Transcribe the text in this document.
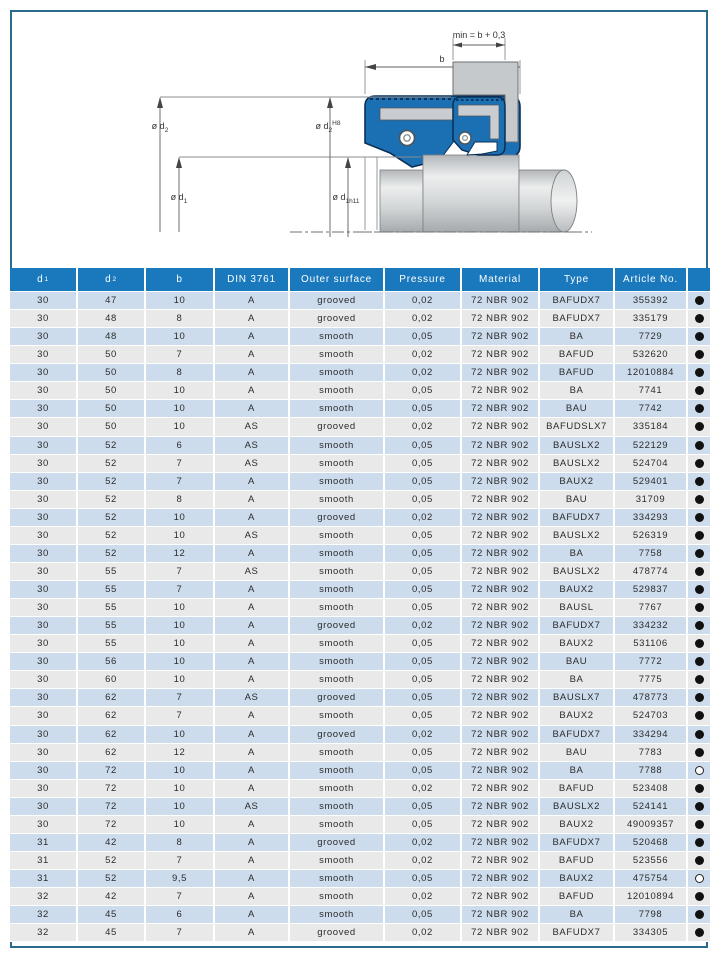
b
ø $d_2$
ø $d_1$
min = b + 0,3
ø $d_2^{H8}$
ø $d_1h11$
d 1	d 2	b	DIN 3761	Outer surface	Pressure	Material	Type	Article No.
30	47	10	A	grooved	0,02	72 NBR 902	BAFUDX7	355392
30	48	8	A	grooved	0,02	72 NBR 902	BAFUDX7	335179
30	48	10	A	smooth	0,05	72 NBR 902	BA	7729
30	50	7	A	smooth	0,02	72 NBR 902	BAFUD	532620
30	50	8	A	smooth	0,02	72 NBR 902	BAFUD	12010884
30	50	10	A	smooth	0,05	72 NBR 902	BA	7741
30	50	10	A	smooth	0,05	72 NBR 902	BAU	7742
30	50	10	AS	grooved	0,02	72 NBR 902	BAFUDSLX7	335184
30	52	6	AS	smooth	0,05	72 NBR 902	BAUSLX2	522129
30	52	7	AS	smooth	0,05	72 NBR 902	BAUSLX2	524704
30	52	7	A	smooth	0,05	72 NBR 902	BAUX2	529401
30	52	8	A	smooth	0,05	72 NBR 902	BAU	31709
30	52	10	A	grooved	0,02	72 NBR 902	BAFUDX7	334293
30	52	10	AS	smooth	0,05	72 NBR 902	BAUSLX2	526319
30	52	12	A	smooth	0,05	72 NBR 902	BA	7758
30	55	7	AS	smooth	0,05	72 NBR 902	BAUSLX2	478774
30	55	7	A	smooth	0,05	72 NBR 902	BAUX2	529837
30	55	10	A	smooth	0,05	72 NBR 902	BAUSL	7767
30	55	10	A	grooved	0,02	72 NBR 902	BAFUDX7	334232
30	55	10	A	smooth	0,05	72 NBR 902	BAUX2	531106
30	56	10	A	smooth	0,05	72 NBR 902	BAU	7772
30	60	10	A	smooth	0,05	72 NBR 902	BA	7775
30	62	7	AS	grooved	0,05	72 NBR 902	BAUSLX7	478773
30	62	7	A	smooth	0,05	72 NBR 902	BAUX2	524703
30	62	10	A	grooved	0,02	72 NBR 902	BAFUDX7	334294
30	62	12	A	smooth	0,05	72 NBR 902	BAU	7783
30	72	10	A	smooth	0,05	72 NBR 902	BA	7788
30	72	10	A	smooth	0,02	72 NBR 902	BAFUD	523408
30	72	10	AS	smooth	0,05	72 NBR 902	BAUSLX2	524141
30	72	10	A	smooth	0,05	72 NBR 902	BAUX2	49009357
31	42	8	A	grooved	0,02	72 NBR 902	BAFUDX7	520468
31	52	7	A	smooth	0,02	72 NBR 902	BAFUD	523556
31	52	9,5	A	smooth	0,05	72 NBR 902	BAUX2	475754
32	42	7	A	smooth	0,02	72 NBR 902	BAFUD	12010894
32	45	6	A	smooth	0,05	72 NBR 902	BA	7798
32	45	7	A	grooved	0,02	72 NBR 902	BAFUDX7	334305
